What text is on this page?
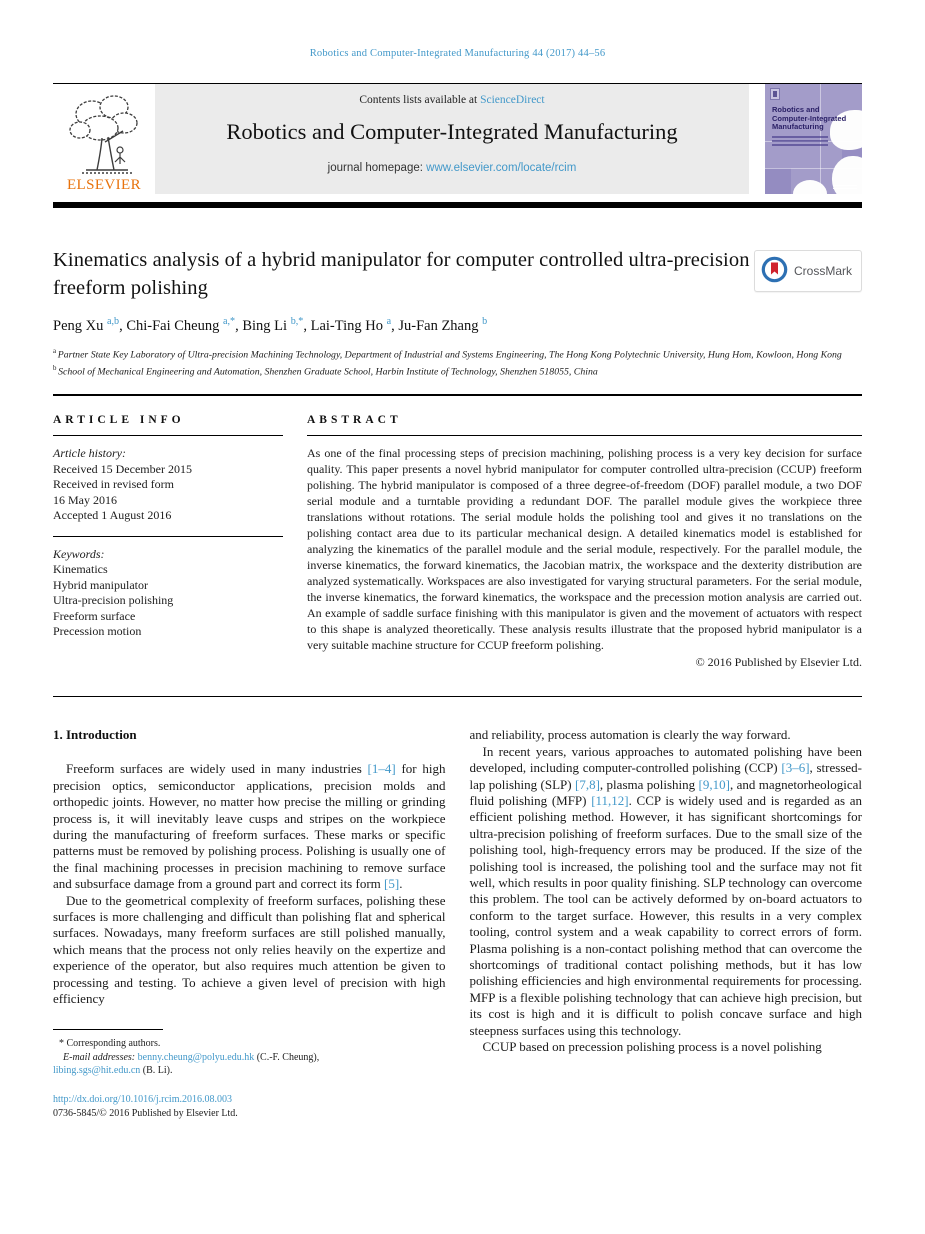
Robotics and Computer-Integrated Manufacturing 44 (2017) 44–56
ELSEVIER
Contents lists available at ScienceDirect
Robotics and Computer-Integrated Manufacturing
journal homepage: www.elsevier.com/locate/rcim
Robotics and
Computer-Integrated
Manufacturing
Kinematics analysis of a hybrid manipulator for computer controlled ultra-precision freeform polishing
CrossMark
Peng Xu $^{a,b}$, Chi-Fai Cheung $^{a,*}$, Bing Li $^{b,*}$, Lai-Ting Ho $^a$, Ju-Fan Zhang $^b$
$^a$ Partner State Key Laboratory of Ultra-precision Machining Technology, Department of Industrial and Systems Engineering, The Hong Kong Polytechnic University, Hung Hom, Kowloon, Hong Kong
$^b$ School of Mechanical Engineering and Automation, Shenzhen Graduate School, Harbin Institute of Technology, Shenzhen 518055, China
ARTICLE INFO
Article history:
Received 15 December 2015
Received in revised form
16 May 2016
Accepted 1 August 2016
Keywords:
Kinematics
Hybrid manipulator
Ultra-precision polishing
Freeform surface
Precession motion
ABSTRACT

As one of the final processing steps of precision machining, polishing process is a very key decision for surface quality. This paper presents a novel hybrid manipulator for computer controlled ultra-precision (CCUP) freeform polishing. The hybrid manipulator is composed of a three degree-of-freedom (DOF) parallel module, a two DOF serial module and a turntable providing a redundant DOF. The parallel module gives the workpiece three translations without rotations. The serial module holds the polishing tool and gives it no translations on the polishing contact area due to its particular mechanical design. A detailed kinematics model is established for analyzing the kinematics of the parallel module and the serial module, respectively. For the parallel module, the inverse kinematics, the forward kinematics, the Jacobian matrix, the workspace and the dexterity distribution are analyzed systematically. Workspaces are also investigated for varying structural parameters. For the serial module, the inverse kinematics, the forward kinematics, the workspace and the precession motion analysis are carried out. An example of saddle surface finishing with this manipulator is given and the movement of actuators with respect to this shape is analyzed theoretically. These analysis results illustrate that the proposed hybrid manipulator is a very suitable machine structure for CCUP freeform polishing.

© 2016 Published by Elsevier Ltd.
1. Introduction

Freeform surfaces are widely used in many industries [1–4] for high precision optics, semiconductor applications, precision molds and orthopedic joints. However, no matter how precise the milling or grinding process is, it will inevitably leave cusps and stripes on the workpiece during the manufacturing of freeform surfaces. These marks or specific patterns must be removed by polishing process. Polishing is usually one of the final machining processes in precision machining to remove surface and subsurface damage from a ground part and correct its form [5].

Due to the geometrical complexity of freeform surfaces, polishing these surfaces is more challenging and difficult than polishing flat and spherical surfaces. Nowadays, many freeform surfaces are still polished manually, which means that the process not only relies heavily on the expertize and experience of the operator, but also requires much attention be given to processing and testing. To achieve a given level of precision with high efficiency

* Corresponding authors.
E-mail addresses: benny.cheung@polyu.edu.hk (C.-F. Cheung),
libing.sgs@hit.edu.cn (B. Li).
http://dx.doi.org/10.1016/j.rcim.2016.08.003
0736-5845/© 2016 Published by Elsevier Ltd.

and reliability, process automation is clearly the way forward.

In recent years, various approaches to automated polishing have been developed, including computer-controlled polishing (CCP) [3–6], stressed-lap polishing (SLP) [7,8], plasma polishing [9,10], and magnetorheological fluid polishing (MFP) [11,12]. CCP is widely used and is regarded as an efficient polishing method. However, it has significant shortcomings for ultra-precision polishing of freeform surfaces. Due to the small size of the polishing tool, high-frequency errors may be produced. If the size of the polishing tool is increased, the polishing tool and the surface may not fit well, which results in poor quality finishing. SLP technology can overcome this problem. The tool can be actively deformed by on-board actuators to conform to the target surface. However, this results in a very complex tooling, control system and a weak capability to correct errors of form. Plasma polishing is a non-contact polishing method that can overcome the shortcomings of traditional contact polishing methods, but it has low polishing efficiencies and high environmental requirements for processing. MFP is a flexible polishing technology that can achieve high precision, but its cost is high and it is difficult to polish concave surface and high steepness surfaces using this technology.

CCUP based on precession polishing process is a novel polishing
